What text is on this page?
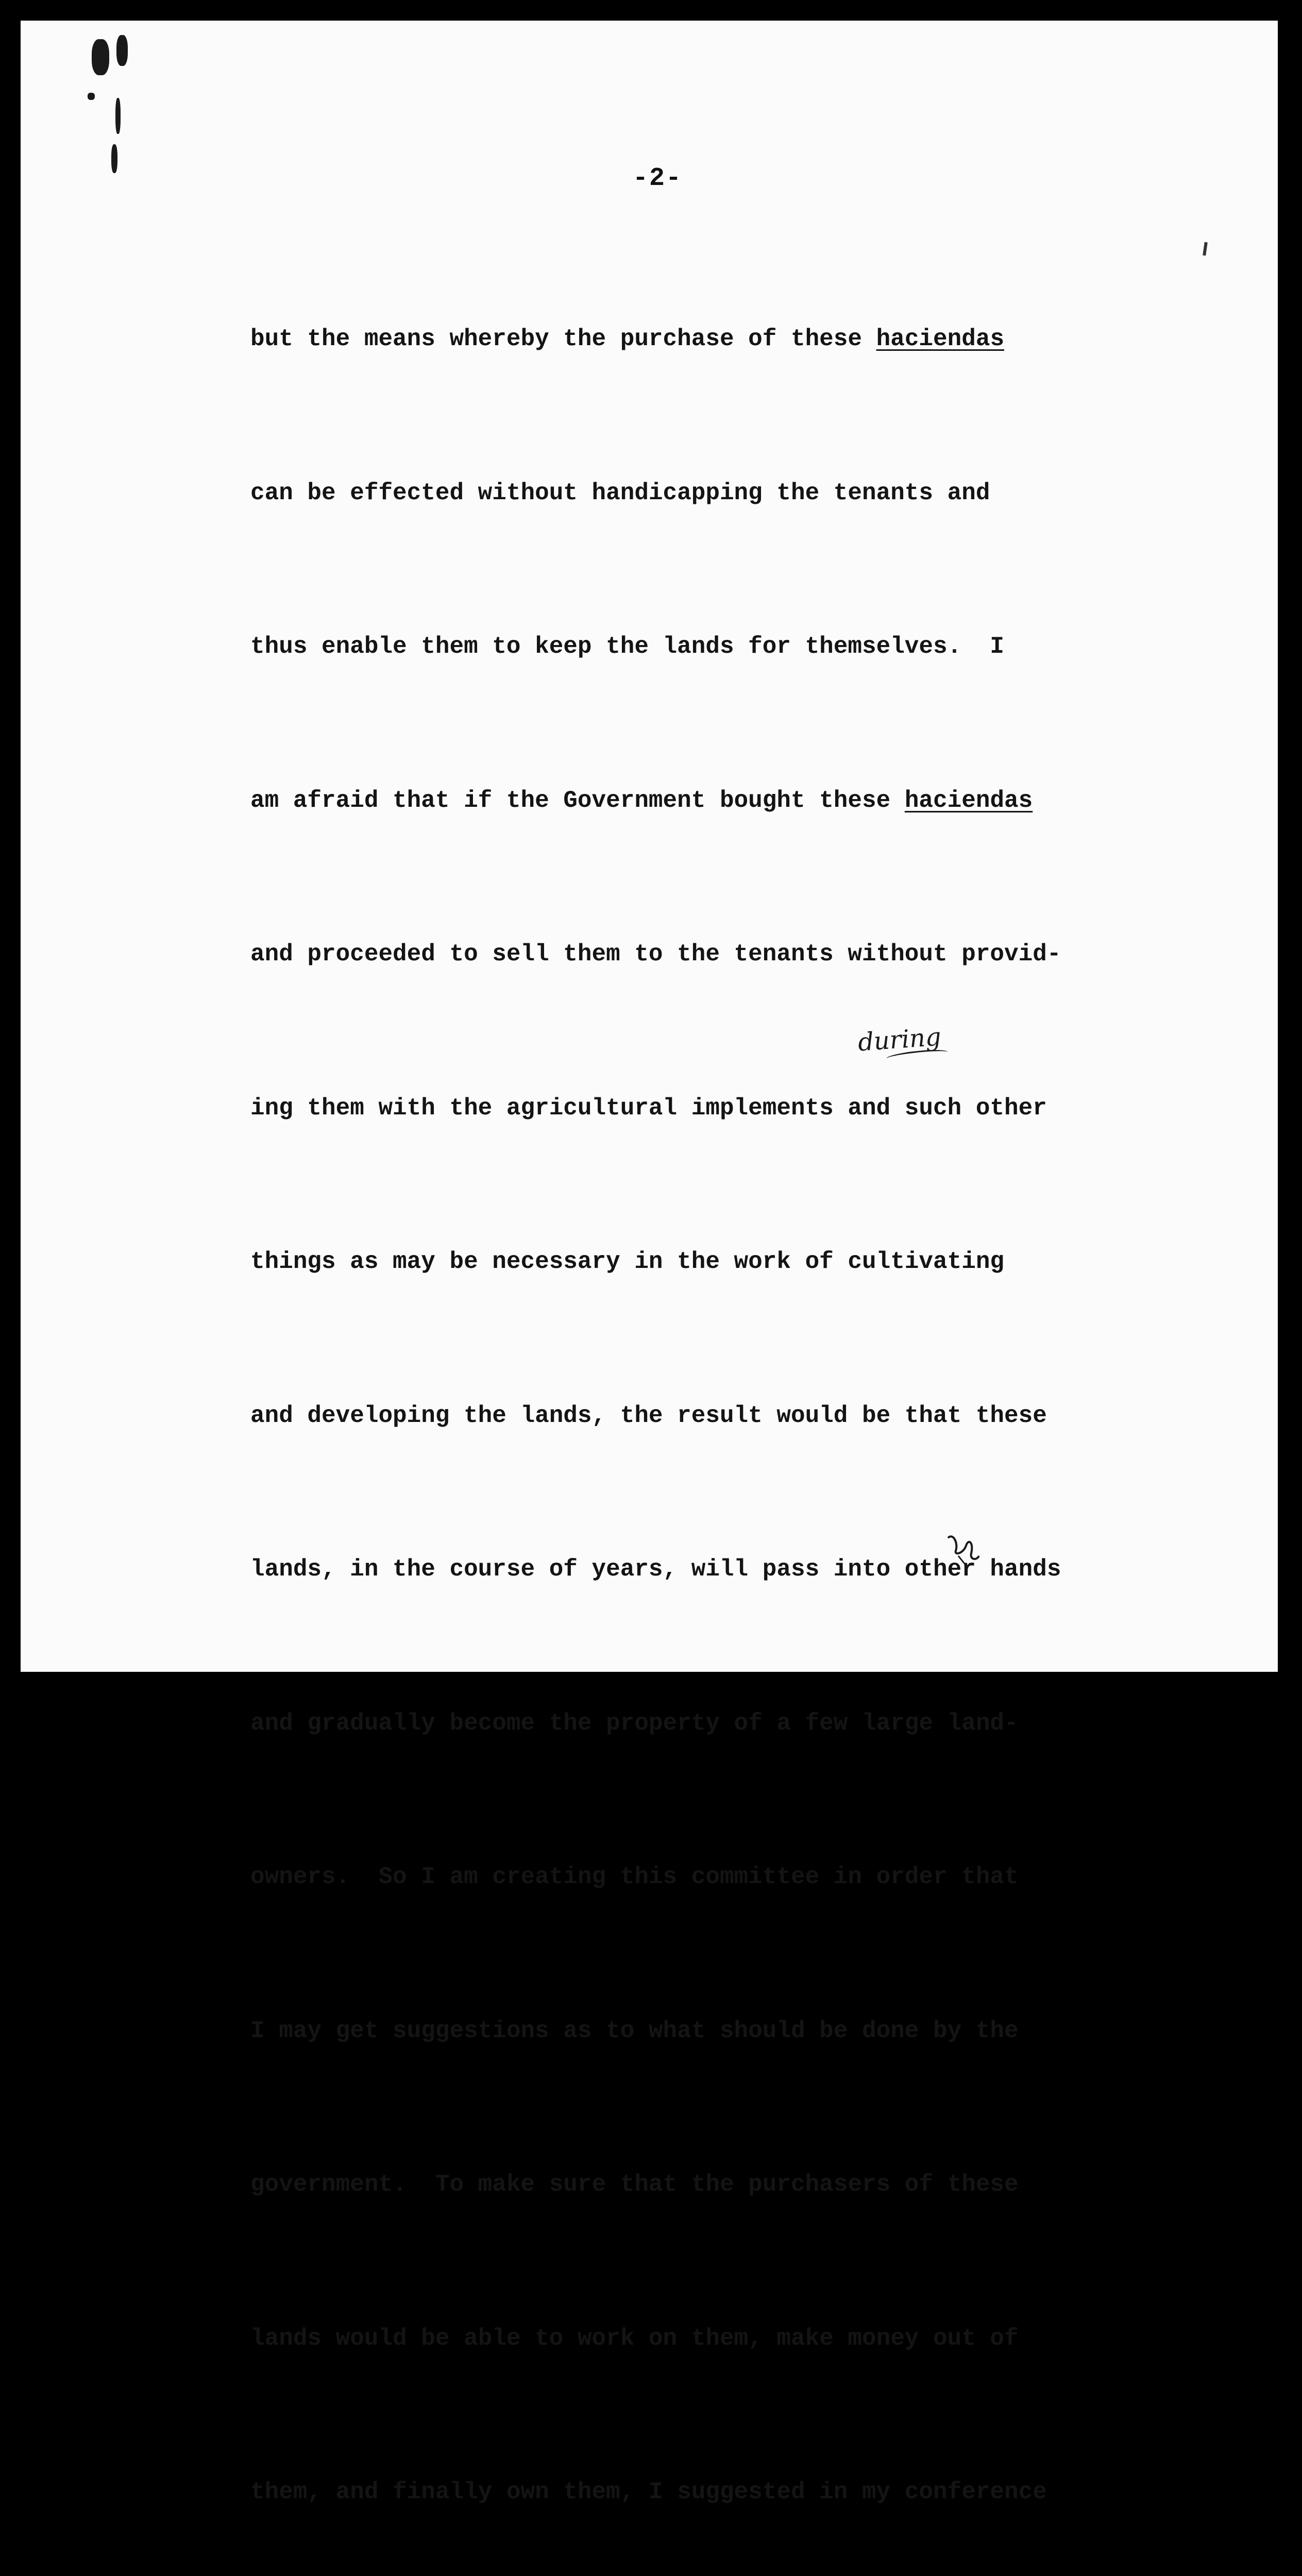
-2-

but the means whereby the purchase of these haciendas

can be effected without handicapping the tenants and

thus enable them to keep the lands for themselves.  I

am afraid that if the Government bought these haciendas

and proceeded to sell them to the tenants without provid-

ing them with the agricultural implements and such other

things as may be necessary in the work of cultivating

and developing the lands, the result would be that these

lands, in the course of years, will pass into other hands

and gradually become the property of a few large land-

owners.  So I am creating this committee in order that

I may get suggestions as to what should be done by the

government.  To make sure that the purchasers of these

lands would be able to work on them, make money out of

them, and finally own them, I suggested in my conference

during
